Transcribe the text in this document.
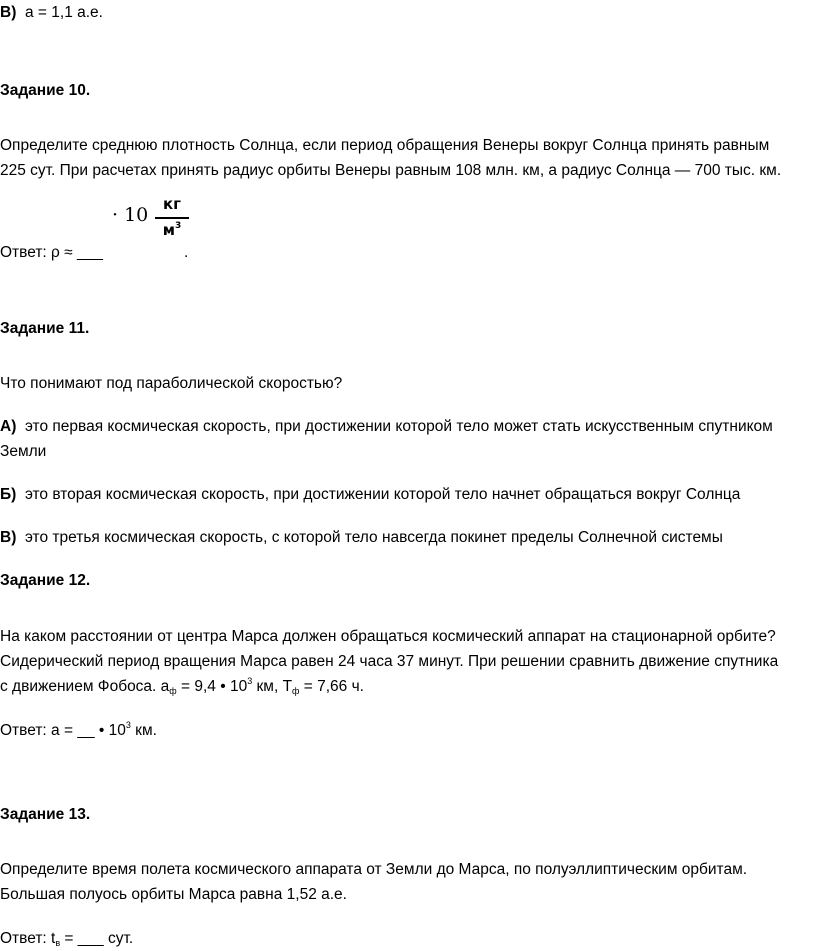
В) a = 1,1 а.е.
Задание 10.
Определите среднюю плотность Солнца, если период обращения Венеры вокруг Солнца принять равным
225 сут. При расчетах принять радиус орбиты Венеры равным 108 млн. км, а радиус Солнца — 700 тыс. км.
Ответ: ρ ≈ ___
· 10 кг
$м^3$
.
Задание 11.
Что понимают под параболической скоростью?
А) это первая космическая скорость, при достижении которой тело может стать искусственным спутником
Земли
Б) это вторая космическая скорость, при достижении которой тело начнет обращаться вокруг Солнца
В) это третья космическая скорость, с которой тело навсегда покинет пределы Солнечной системы
Задание 12.
На каком расстоянии от центра Марса должен обращаться космический аппарат на стационарной орбите?
Сидерический период вращения Марса равен 24 часа 37 минут. При решении сравнить движение спутника
с движением Фобоса. $a_ф = 9,4$ • $10^3$ км, $T_ф = 7,66$ ч.
Ответ: a = __ • $10^3$ км.
Задание 13.
Определите время полета космического аппарата от Земли до Марса, по полуэллиптическим орбитам.
Большая полуось орбиты Марса равна 1,52 а.е.
Ответ: $t_в$ = ___ сут.
